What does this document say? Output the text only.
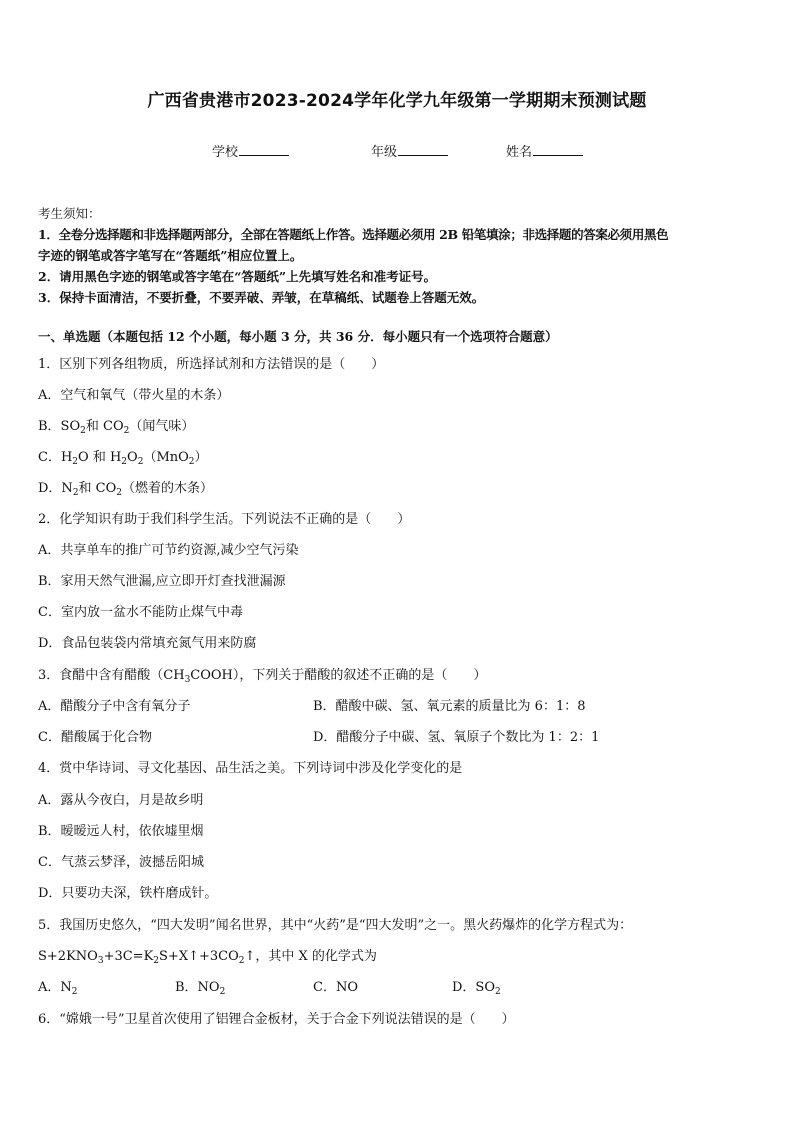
广西省贵港市2023-2024学年化学九年级第一学期期末预测试题
学校	年级	姓名
考生须知：
1．全卷分选择题和非选择题两部分，全部在答题纸上作答。选择题必须用 2B 铅笔填涂；非选择题的答案必须用黑色
字迹的钢笔或答字笔写在“答题纸”相应位置上。
2．请用黑色字迹的钢笔或答字笔在“答题纸”上先填写姓名和准考证号。
3．保持卡面清洁，不要折叠，不要弄破、弄皱，在草稿纸、试题卷上答题无效。
一、单选题（本题包括 12 个小题，每小题 3 分，共 36 分．每小题只有一个选项符合题意）
1．区别下列各组物质，所选择试剂和方法错误的是（　　）
A．空气和氧气（带火星的木条）
B．$SO_2$和 $CO_2$（闻气味）
C．$H_2O$ 和 $H_2O_2(MnO_2)$
D．$N_2$和 $CO_2$（燃着的木条）
2．化学知识有助于我们科学生活。下列说法不正确的是（　　）
A．共享单车的推广可节约资源,减少空气污染
B．家用天然气泄漏,应立即开灯查找泄漏源
C．室内放一盆水不能防止煤气中毒
D．食品包装袋内常填充氮气用来防腐
3．食醋中含有醋酸$(CH_3COOH)$，下列关于醋酸的叙述不正确的是（　　）
A．醋酸分子中含有氧分子	B．醋酸中碳、氢、氧元素的质量比为 6：1：8
C．醋酸属于化合物	D．醋酸分子中碳、氢、氧原子个数比为 1：2：1
4．赏中华诗词、寻文化基因、品生活之美。下列诗词中涉及化学变化的是
A．露从今夜白，月是故乡明
B．暧暧远人村，依依墟里烟
C．气蒸云梦泽，波撼岳阳城
D．只要功夫深，铁杵磨成针。
5．我国历史悠久，“四大发明”闻名世界，其中“火药”是“四大发明”之一。黑火药爆炸的化学方程式为：
$S+2KNO_3+3C=K_2S+X↑+3CO_2↑$，其中 X 的化学式为
A．$N_2$	B．$NO_2$	C．NO	D．$SO_2$
6．“嫦娥一号”卫星首次使用了铝锂合金板材，关于合金下列说法错误的是（　　）
